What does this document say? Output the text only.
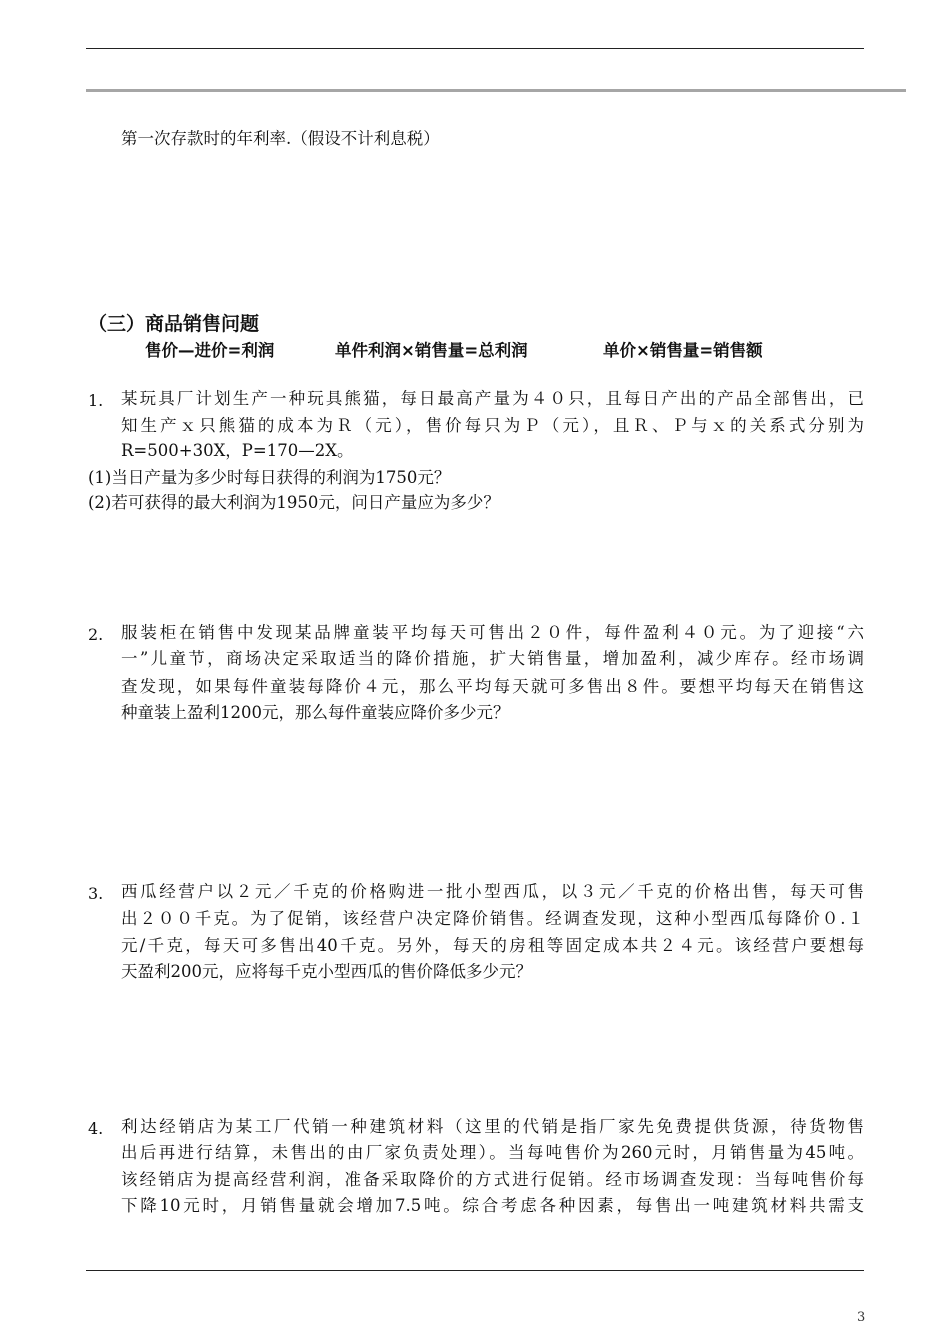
第一次存款时的年利率.（假设不计利息税）
（三）商品销售问题
售价—进价=利润	单件利润×销售量=总利润	单价×销售量=销售额
1. 某玩具厂计划生产一种玩具熊猫，每日最高产量为４０只，且每日产出的产品全部售出，已
知生产ｘ只熊猫的成本为Ｒ（元），售价每只为Ｐ（元），且Ｒ、Ｐ与ｘ的关系式分别为
R=500+30X，P=170—2X。
(1)当日产量为多少时每日获得的利润为1750元？
(2)若可获得的最大利润为1950元，问日产量应为多少？
2. 服装柜在销售中发现某品牌童装平均每天可售出２０件，每件盈利４０元。为了迎接“六
一”儿童节，商场决定采取适当的降价措施，扩大销售量，增加盈利，减少库存。经市场调
查发现，如果每件童装每降价４元，那么平均每天就可多售出８件。要想平均每天在销售这
种童装上盈利1200元，那么每件童装应降价多少元？
3. 西瓜经营户以２元／千克的价格购进一批小型西瓜，以３元／千克的价格出售，每天可售
出２００千克。为了促销，该经营户决定降价销售。经调查发现，这种小型西瓜每降价０.１
元/千克，每天可多售出40千克。另外，每天的房租等固定成本共２４元。该经营户要想每
天盈利200元，应将每千克小型西瓜的售价降低多少元？
4. 利达经销店为某工厂代销一种建筑材料（这里的代销是指厂家先免费提供货源，待货物售
出后再进行结算，未售出的由厂家负责处理）。当每吨售价为260元时，月销售量为45吨。
该经销店为提高经营利润，准备采取降价的方式进行促销。经市场调查发现：当每吨售价每
下降10元时，月销售量就会增加7.5吨。综合考虑各种因素，每售出一吨建筑材料共需支
3
